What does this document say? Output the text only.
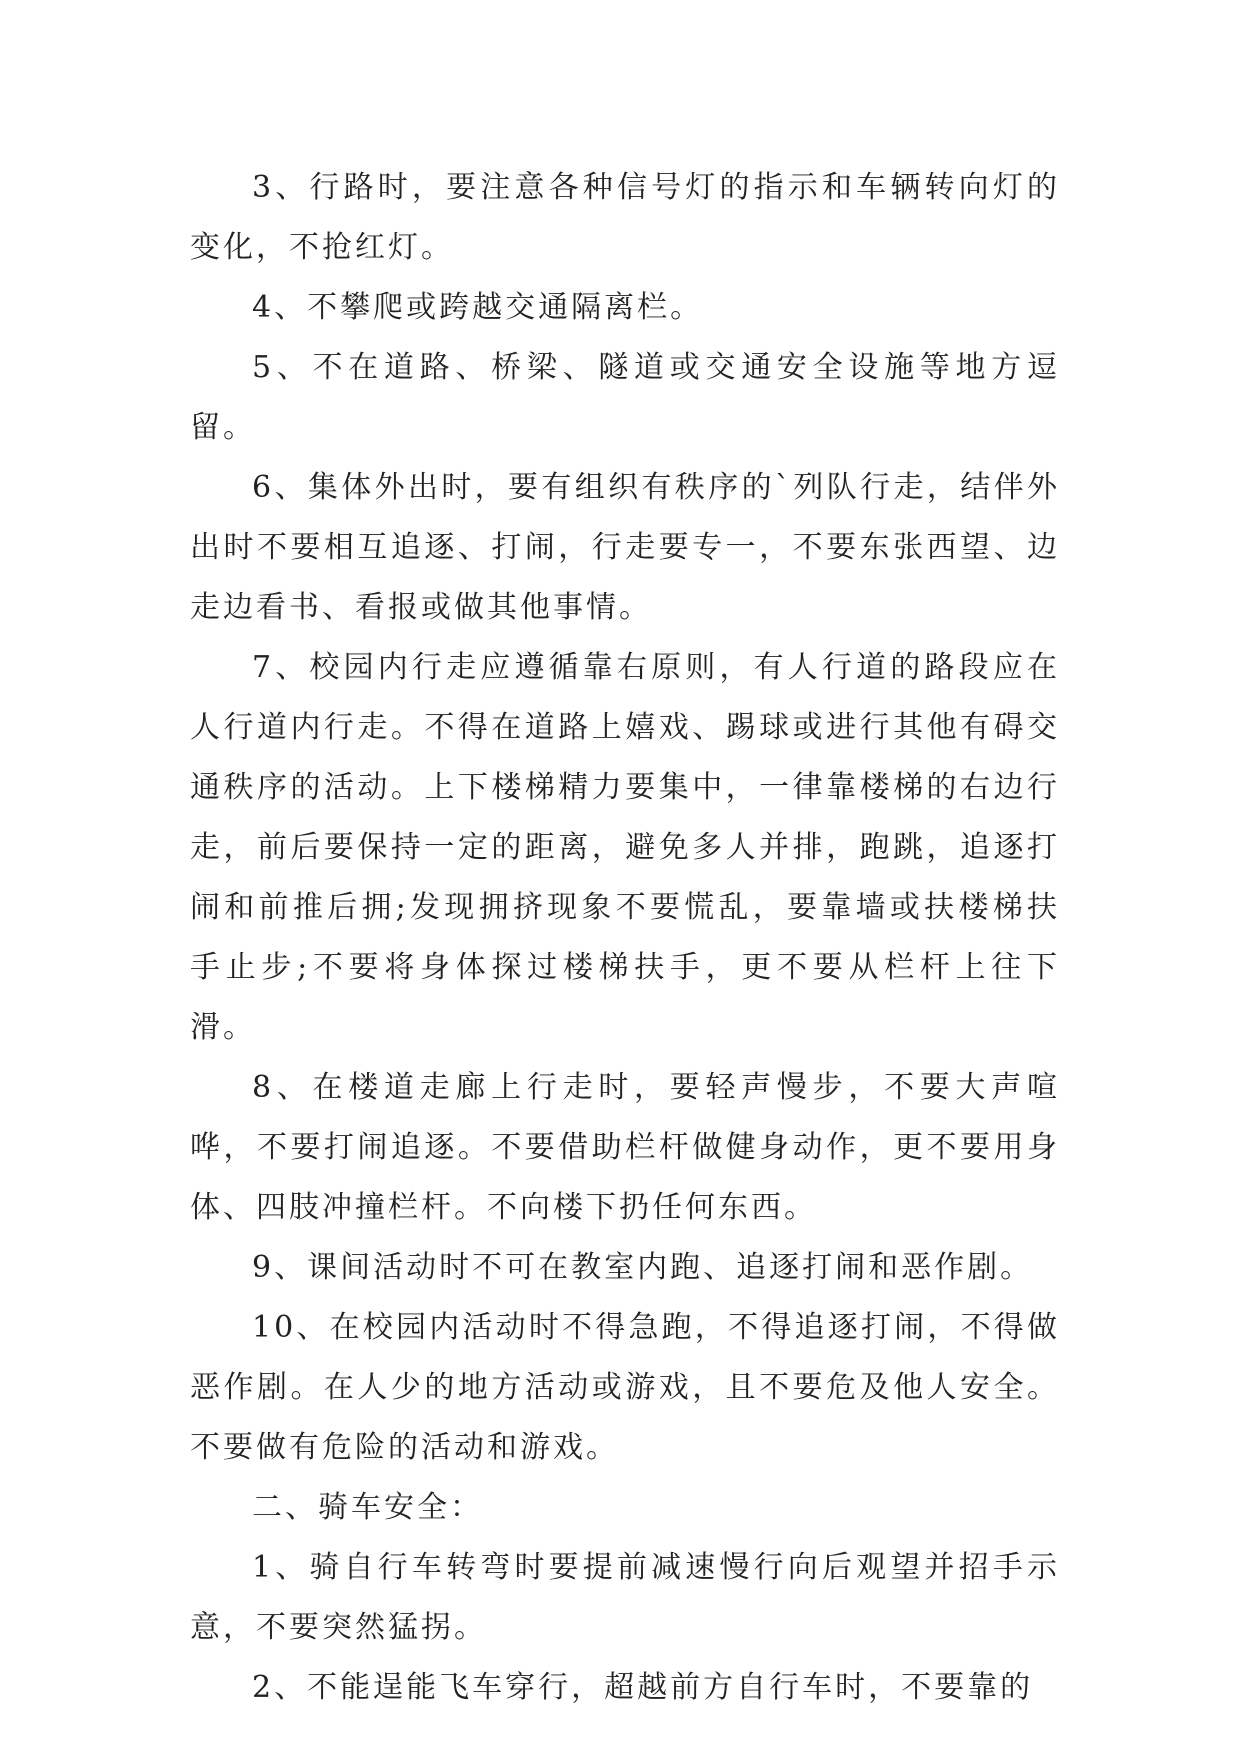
3、行路时，要注意各种信号灯的指示和车辆转向灯的变化，不抢红灯。

4、不攀爬或跨越交通隔离栏。

5、不在道路、桥梁、隧道或交通安全设施等地方逗留。

6、集体外出时，要有组织有秩序的`列队行走，结伴外出时不要相互追逐、打闹，行走要专一，不要东张西望、边走边看书、看报或做其他事情。

7、校园内行走应遵循靠右原则，有人行道的路段应在人行道内行走。不得在道路上嬉戏、踢球或进行其他有碍交通秩序的活动。上下楼梯精力要集中，一律靠楼梯的右边行走，前后要保持一定的距离，避免多人并排，跑跳，追逐打闹和前推后拥;发现拥挤现象不要慌乱，要靠墙或扶楼梯扶手止步;不要将身体探过楼梯扶手，更不要从栏杆上往下滑。

8、在楼道走廊上行走时，要轻声慢步，不要大声喧哗，不要打闹追逐。不要借助栏杆做健身动作，更不要用身体、四肢冲撞栏杆。不向楼下扔任何东西。

9、课间活动时不可在教室内跑、追逐打闹和恶作剧。

10、在校园内活动时不得急跑，不得追逐打闹，不得做恶作剧。在人少的地方活动或游戏，且不要危及他人安全。不要做有危险的活动和游戏。

二、骑车安全：

1、骑自行车转弯时要提前减速慢行向后观望并招手示意，不要突然猛拐。

2、不能逞能飞车穿行，超越前方自行车时，不要靠的
